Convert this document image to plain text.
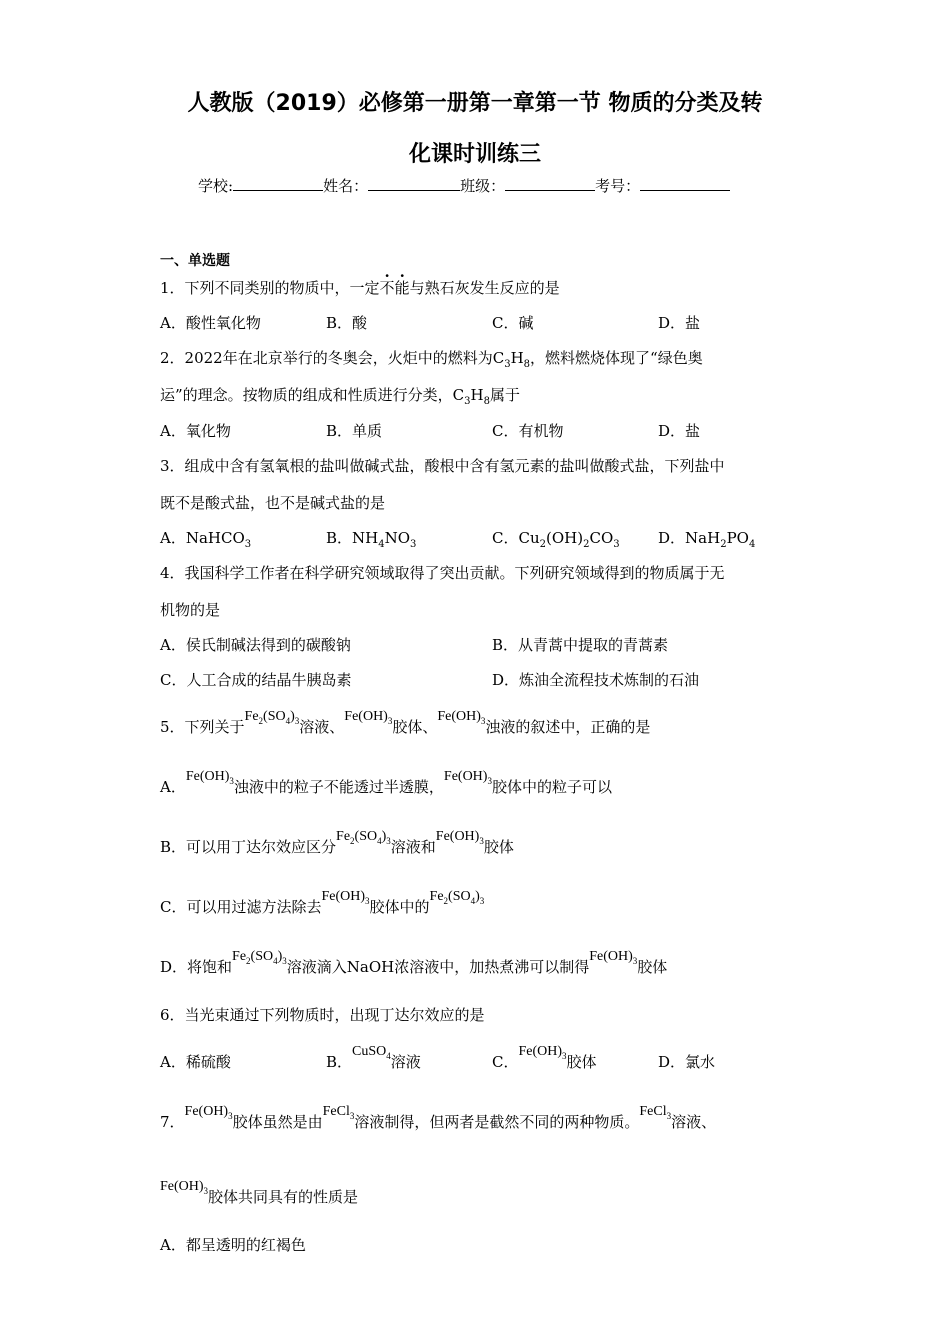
人教版（2019）必修第一册第一章第一节 物质的分类及转
化课时训练三
学校:	姓名：	班级：	考号：
一、单选题
1．下列不同类别的物质中，一定不能与熟石灰发生反应的是
A．酸性氧化物	B．酸	C．碱	D．盐
2．2022年在北京举行的冬奥会，火炬中的燃料为$C_3H_8$，燃料燃烧体现了“绿色奥
运”的理念。按物质的组成和性质进行分类，$C_3H_8$属于
A．氧化物	B．单质	C．有机物	D．盐
3．组成中含有氢氧根的盐叫做碱式盐，酸根中含有氢元素的盐叫做酸式盐，下列盐中
既不是酸式盐，也不是碱式盐的是
A．NaHCO$_3$	B．$NH_4NO_3$	C．$Cu_2(OH)_2CO_3$	D．$NaH_2PO_4$
4．我国科学工作者在科学研究领域取得了突出贡献。下列研究领域得到的物质属于无
机物的是
A．侯氏制碱法得到的碳酸钠	B．从青蒿中提取的青蒿素
C．人工合成的结晶牛胰岛素	D．炼油全流程技术炼制的石油
5．下列关于$Fe_2(SO_4)_3$溶液、$Fe(OH)_3$胶体、$Fe(OH)_3$浊液的叙述中，正确的是
A．$Fe(OH)_3$浊液中的粒子不能透过半透膜，$Fe(OH)_3$胶体中的粒子可以
B．可以用丁达尔效应区分$Fe_2(SO_4)_3$溶液和$Fe(OH)_3$胶体
C．可以用过滤方法除去$Fe(OH)_3$胶体中的$Fe_2(SO_4)_3$
D．将饱和$Fe_2(SO_4)_3$溶液滴入NaOH浓溶液中，加热煮沸可以制得$Fe(OH)_3$胶体
6．当光束通过下列物质时，出现丁达尔效应的是
A．稀硫酸	B．CuSO$_4$溶液	C．$Fe(OH)_3$胶体	D．氯水
7．$Fe(OH)_3$胶体虽然是由FeCl$_3$溶液制得，但两者是截然不同的两种物质。FeCl$_3$溶液、
$Fe(OH)_3$胶体共同具有的性质是
A．都呈透明的红褐色
